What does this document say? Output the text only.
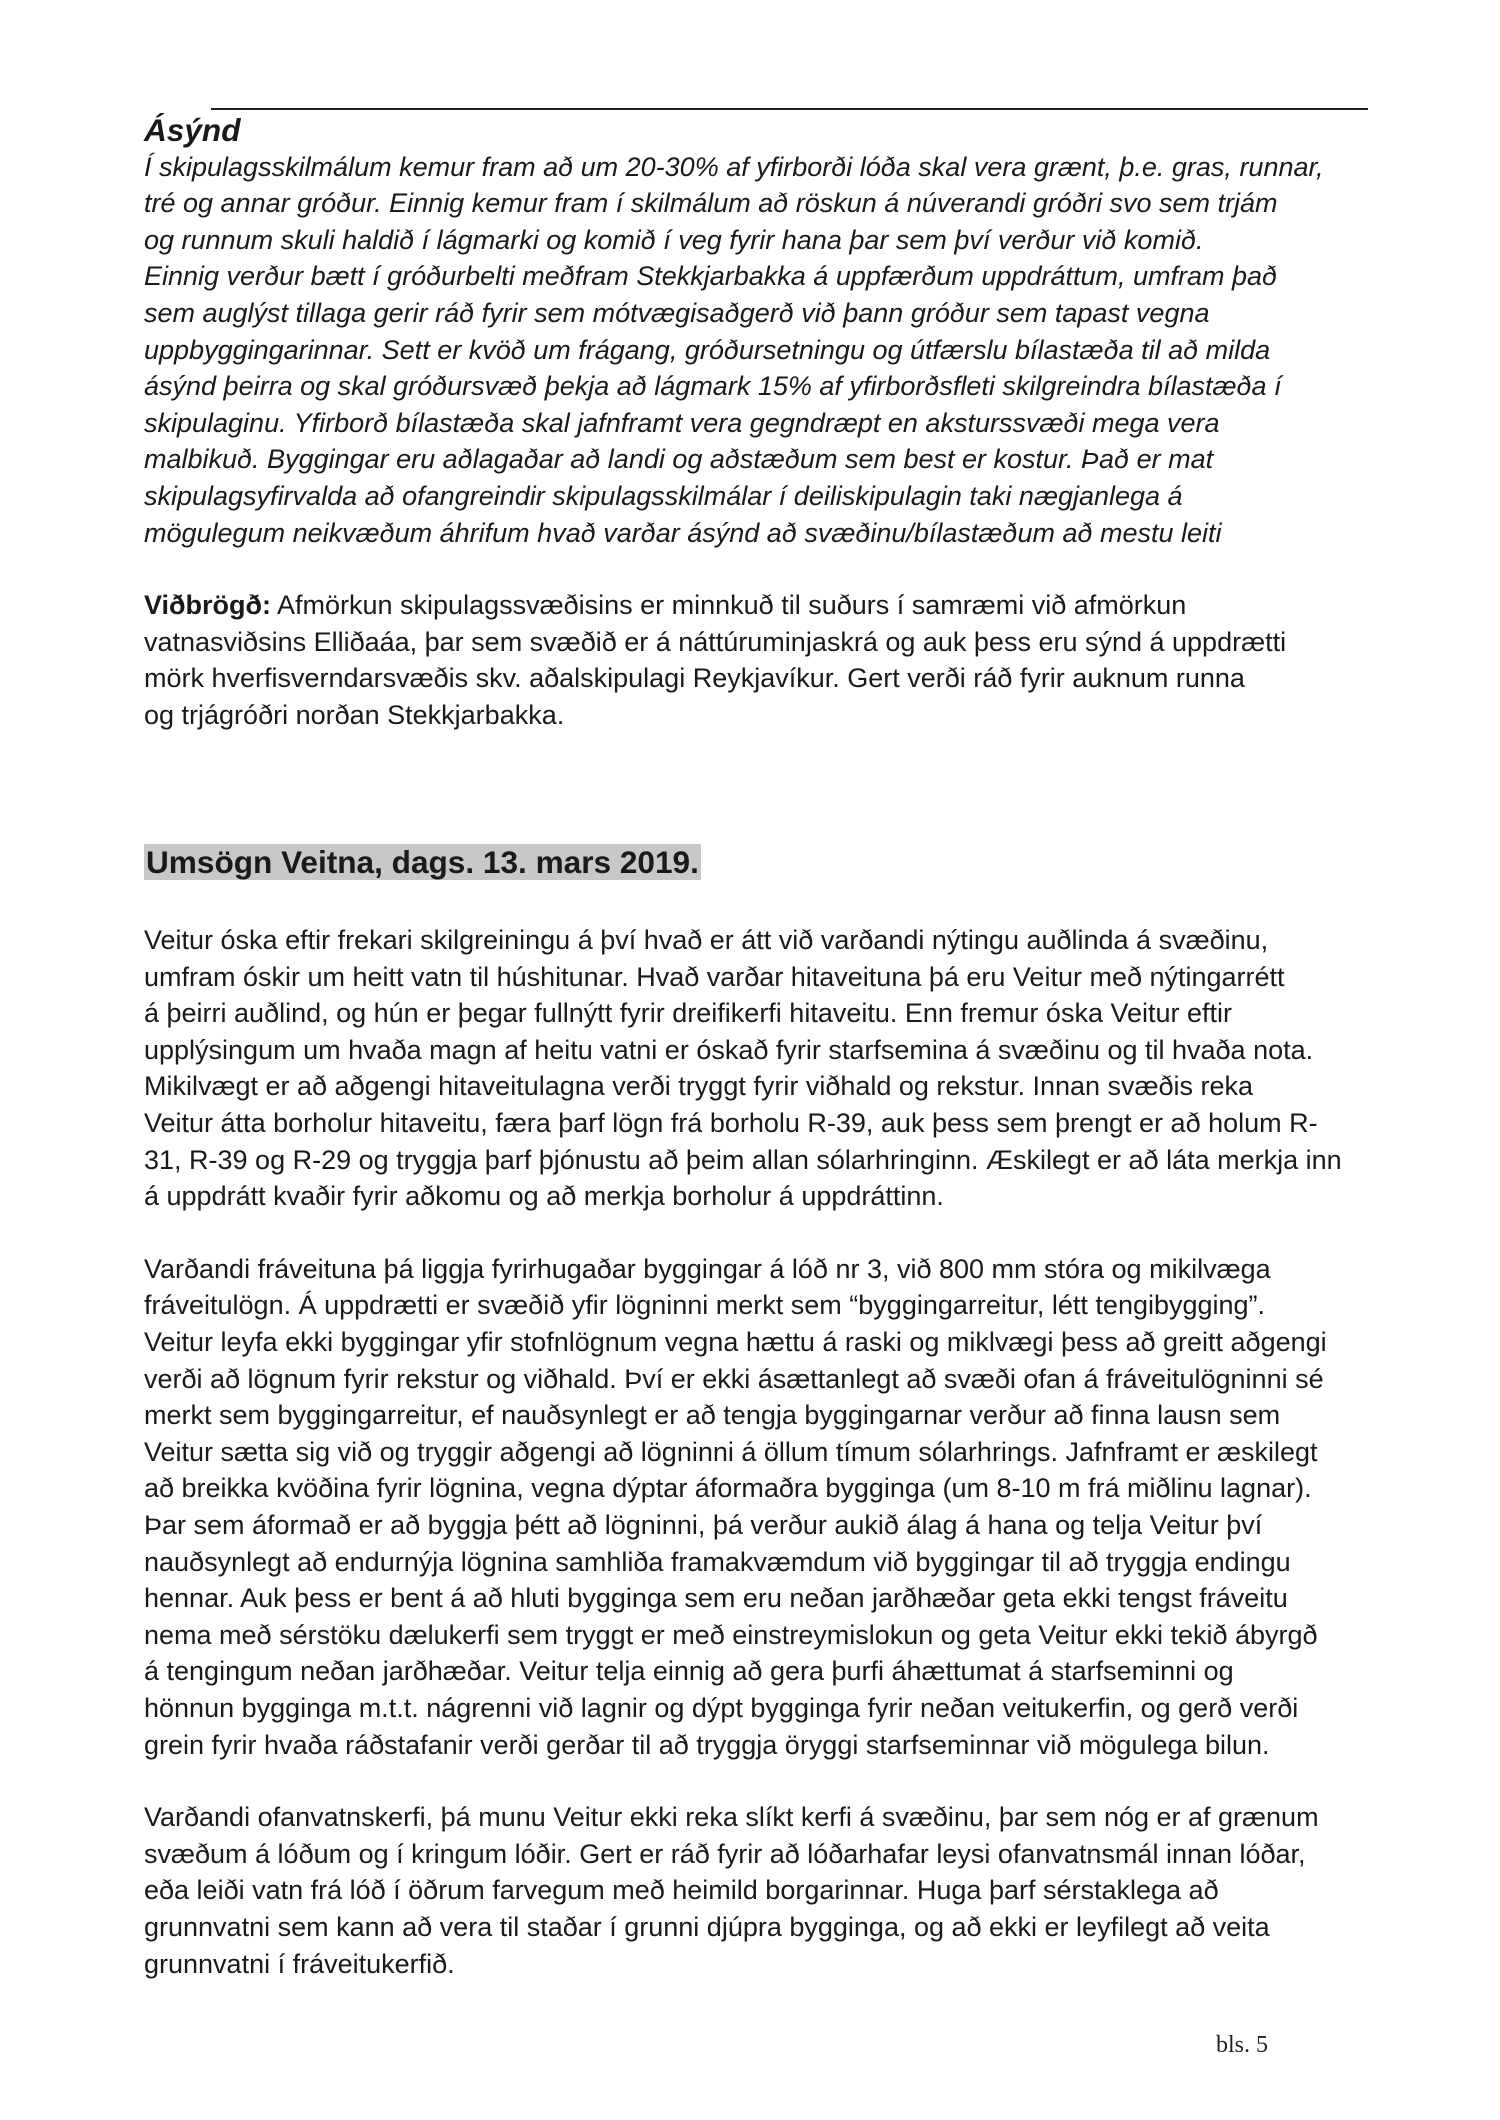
Ásýnd

Í skipulagsskilmálum kemur fram að um 20-30% af yfirborði lóða skal vera grænt, þ.e. gras, runnar,

tré og annar gróður. Einnig kemur fram í skilmálum að röskun á núverandi gróðri svo sem trjám

og runnum skuli haldið í lágmarki og komið í veg fyrir hana þar sem því verður við komið.

Einnig verður bætt í gróðurbelti meðfram Stekkjarbakka á uppfærðum uppdráttum, umfram það

sem auglýst tillaga gerir ráð fyrir sem mótvægisaðgerð við þann gróður sem tapast vegna

uppbyggingarinnar. Sett er kvöð um frágang, gróðursetningu og útfærslu bílastæða til að milda

ásýnd þeirra og skal gróðursvæð þekja að lágmark 15% af yfirborðsfleti skilgreindra bílastæða í

skipulaginu. Yfirborð bílastæða skal jafnframt vera gegndræpt en aksturssvæði mega vera

malbikuð. Byggingar eru aðlagaðar að landi og aðstæðum sem best er kostur. Það er mat

skipulagsyfirvalda að ofangreindir skipulagsskilmálar í deiliskipulagin taki nægjanlega á

mögulegum neikvæðum áhrifum hvað varðar ásýnd að svæðinu/bílastæðum að mestu leiti

Viðbrögð: Afmörkun skipulagssvæðisins er minnkuð til suðurs í samræmi við afmörkun

vatnasviðsins Elliðaáa, þar sem svæðið er á náttúruminjaskrá og auk þess eru sýnd á uppdrætti

mörk hverfisverndarsvæðis skv. aðalskipulagi Reykjavíkur. Gert verði ráð fyrir auknum runna

og trjágróðri norðan Stekkjarbakka.

Umsögn Veitna, dags. 13. mars 2019.

Veitur óska eftir frekari skilgreiningu á því hvað er átt við varðandi nýtingu auðlinda á svæðinu,

umfram óskir um heitt vatn til húshitunar. Hvað varðar hitaveituna þá eru Veitur með nýtingarrétt

á þeirri auðlind, og hún er þegar fullnýtt fyrir dreifikerfi hitaveitu. Enn fremur óska Veitur eftir

upplýsingum um hvaða magn af heitu vatni er óskað fyrir starfsemina á svæðinu og til hvaða nota.

Mikilvægt er að aðgengi hitaveitulagna verði tryggt fyrir viðhald og rekstur. Innan svæðis reka

Veitur átta borholur hitaveitu, færa þarf lögn frá borholu R-39, auk þess sem þrengt er að holum R-

31, R-39 og R-29 og tryggja þarf þjónustu að þeim allan sólarhringinn. Æskilegt er að láta merkja inn

á uppdrátt kvaðir fyrir aðkomu og að merkja borholur á uppdráttinn.

Varðandi fráveituna þá liggja fyrirhugaðar byggingar á lóð nr 3, við 800 mm stóra og mikilvæga

fráveitulögn. Á uppdrætti er svæðið yfir lögninni merkt sem “byggingarreitur, létt tengibygging”.

Veitur leyfa ekki byggingar yfir stofnlögnum vegna hættu á raski og miklvægi þess að greitt aðgengi

verði að lögnum fyrir rekstur og viðhald. Því er ekki ásættanlegt að svæði ofan á fráveitulögninni sé

merkt sem byggingarreitur, ef nauðsynlegt er að tengja byggingarnar verður að finna lausn sem

Veitur sætta sig við og tryggir aðgengi að lögninni á öllum tímum sólarhrings. Jafnframt er æskilegt

að breikka kvöðina fyrir lögnina, vegna dýptar áformaðra bygginga (um 8-10 m frá miðlinu lagnar).

Þar sem áformað er að byggja þétt að lögninni, þá verður aukið álag á hana og telja Veitur því

nauðsynlegt að endurnýja lögnina samhliða framakvæmdum við byggingar til að tryggja endingu

hennar. Auk þess er bent á að hluti bygginga sem eru neðan jarðhæðar geta ekki tengst fráveitu

nema með sérstöku dælukerfi sem tryggt er með einstreymislokun og geta Veitur ekki tekið ábyrgð

á tengingum neðan jarðhæðar. Veitur telja einnig að gera þurfi áhættumat á starfseminni og

hönnun bygginga m.t.t. nágrenni við lagnir og dýpt bygginga fyrir neðan veitukerfin, og gerð verði

grein fyrir hvaða ráðstafanir verði gerðar til að tryggja öryggi starfseminnar við mögulega bilun.

Varðandi ofanvatnskerfi, þá munu Veitur ekki reka slíkt kerfi á svæðinu, þar sem nóg er af grænum

svæðum á lóðum og í kringum lóðir. Gert er ráð fyrir að lóðarhafar leysi ofanvatnsmál innan lóðar,

eða leiði vatn frá lóð í öðrum farvegum með heimild borgarinnar. Huga þarf sérstaklega að

grunnvatni sem kann að vera til staðar í grunni djúpra bygginga, og að ekki er leyfilegt að veita

grunnvatni í fráveitukerfið.

bls. 5
